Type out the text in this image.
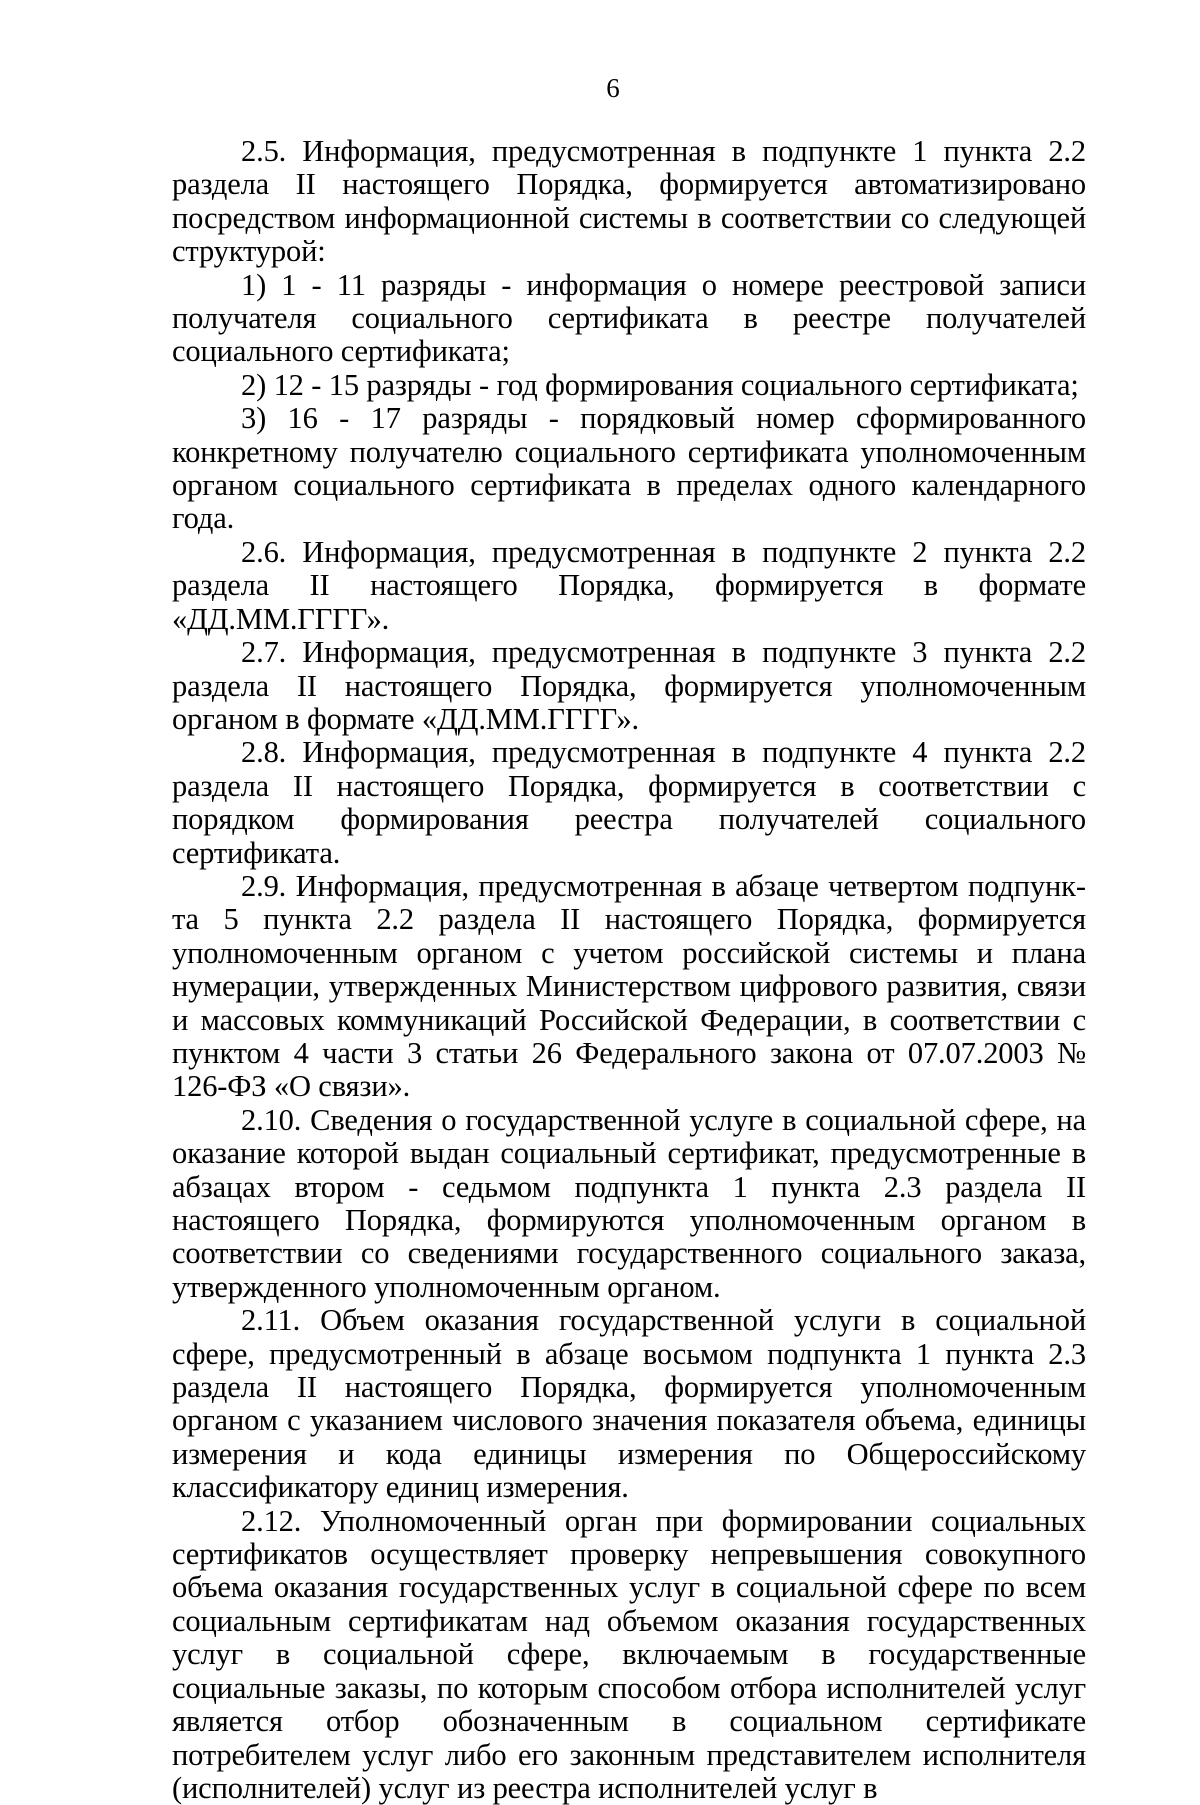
6

2.5. Информация, предусмотренная в подпункте 1 пункта 2.2 раздела II настоящего Порядка, формируется автоматизировано посредством информационной системы в соответствии со следующей структурой:

1) 1 - 11 разряды - информация о номере реестровой записи получателя социального сертификата в реестре получателей социального сертификата;

2) 12 - 15 разряды - год формирования социального сертификата;

3) 16 - 17 разряды - порядковый номер сформированного конкретному получателю социального сертификата уполномоченным органом социального сертификата в пределах одного календарного года.

2.6. Информация, предусмотренная в подпункте 2 пункта 2.2 раздела II настоящего Порядка, формируется в формате «ДД.ММ.ГГГГ».

2.7. Информация, предусмотренная в подпункте 3 пункта 2.2 раздела II настоящего Порядка, формируется уполномоченным органом в формате «ДД.ММ.ГГГГ».

2.8. Информация, предусмотренная в подпункте 4 пункта 2.2 раздела II настоящего Порядка, формируется в соответствии с порядком формирования реестра получателей социального сертификата.

2.9. Информация, предусмотренная в абзаце четвертом подпункта 5 пункта 2.2 раздела II настоящего Порядка, формируется уполномоченным органом с учетом российской системы и плана нумерации, утвержденных Министерством цифрового развития, связи и массовых коммуникаций Российской Федерации, в соответствии с пунктом 4 части 3 статьи 26 Федерального закона от 07.07.2003 № 126-ФЗ «О связи».

2.10. Сведения о государственной услуге в социальной сфере, на оказание которой выдан социальный сертификат, предусмотренные в абзацах втором - седьмом подпункта 1 пункта 2.3 раздела II настоящего Порядка, формируются уполномоченным органом в соответствии со сведениями государственного социального заказа, утвержденного уполномоченным органом.

2.11. Объем оказания государственной услуги в социальной сфере, предусмотренный в абзаце восьмом подпункта 1 пункта 2.3 раздела II настоящего Порядка, формируется уполномоченным органом с указанием числового значения показателя объема, единицы измерения и кода единицы измерения по Общероссийскому классификатору единиц измерения.

2.12. Уполномоченный орган при формировании социальных сертификатов осуществляет проверку непревышения совокупного объема оказания государственных услуг в социальной сфере по всем социальным сертификатам над объемом оказания государственных услуг в социальной сфере, включаемым в государственные социальные заказы, по которым способом отбора исполнителей услуг является отбор обозначенным в социальном сертификате потребителем услуг либо его законным представителем исполнителя (исполнителей) услуг из реестра исполнителей услуг в
